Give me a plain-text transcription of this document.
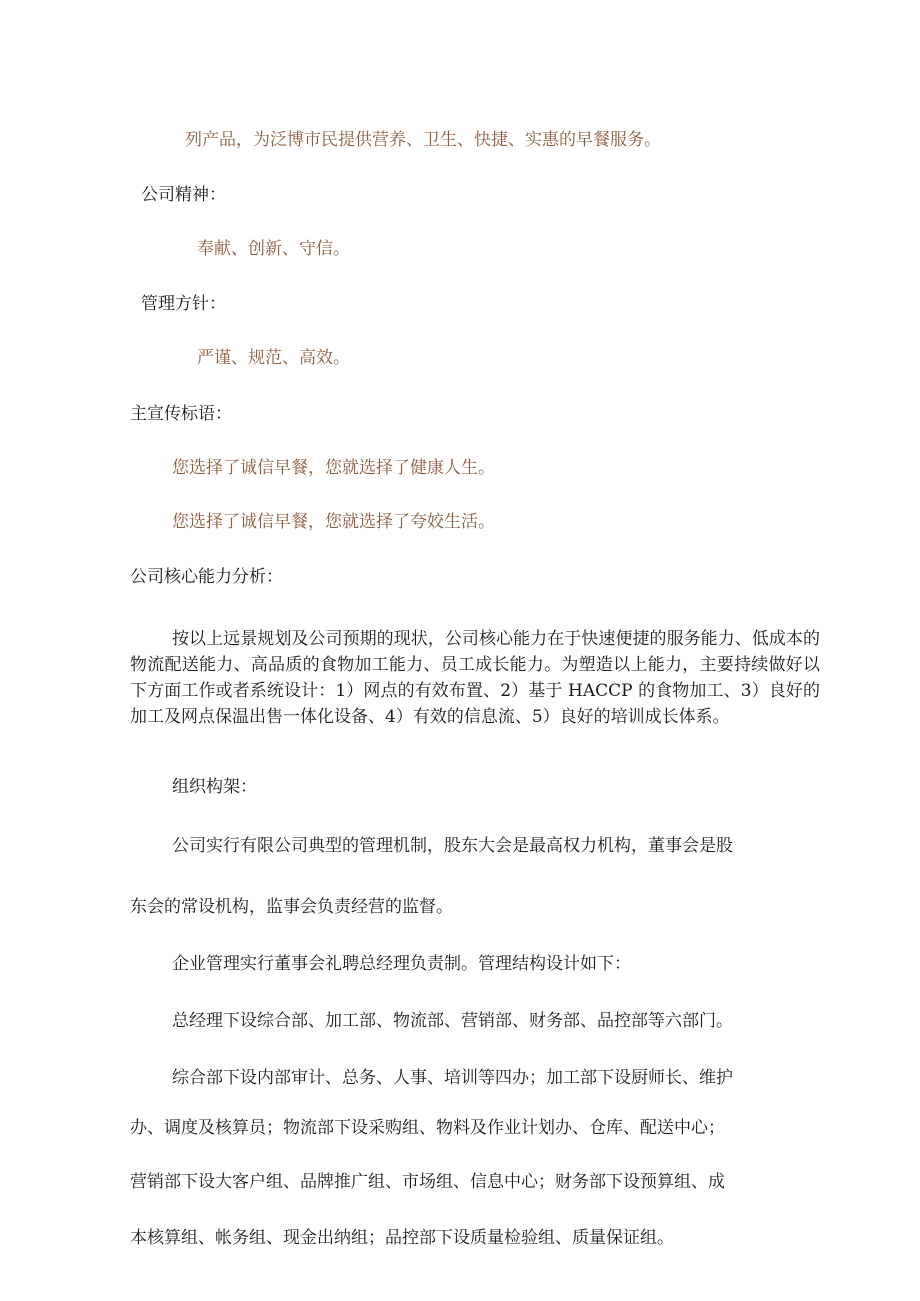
列产品，为泛博市民提供营养、卫生、快捷、实惠的早餐服务。

公司精神：

奉献、创新、守信。

管理方针：

严谨、规范、高效。

主宣传标语：

您选择了诚信早餐，您就选择了健康人生。

您选择了诚信早餐，您就选择了夸姣生活。

公司核心能力分析：

按以上远景规划及公司预期的现状，公司核心能力在于快速便捷的服务能力、低成本的物流配送能力、高品质的食物加工能力、员工成长能力。为塑造以上能力，主要持续做好以下方面工作或者系统设计：1）网点的有效布置、2）基于 HACCP 的食物加工、3）良好的加工及网点保温出售一体化设备、4）有效的信息流、5）良好的培训成长体系。

组织构架：

公司实行有限公司典型的管理机制，股东大会是最高权力机构，董事会是股

东会的常设机构，监事会负责经营的监督。

企业管理实行董事会礼聘总经理负责制。管理结构设计如下：

总经理下设综合部、加工部、物流部、营销部、财务部、品控部等六部门。

综合部下设内部审计、总务、人事、培训等四办；加工部下设厨师长、维护

办、调度及核算员；物流部下设采购组、物料及作业计划办、仓库、配送中心；

营销部下设大客户组、品牌推广组、市场组、信息中心；财务部下设预算组、成

本核算组、帐务组、现金出纳组；品控部下设质量检验组、质量保证组。
